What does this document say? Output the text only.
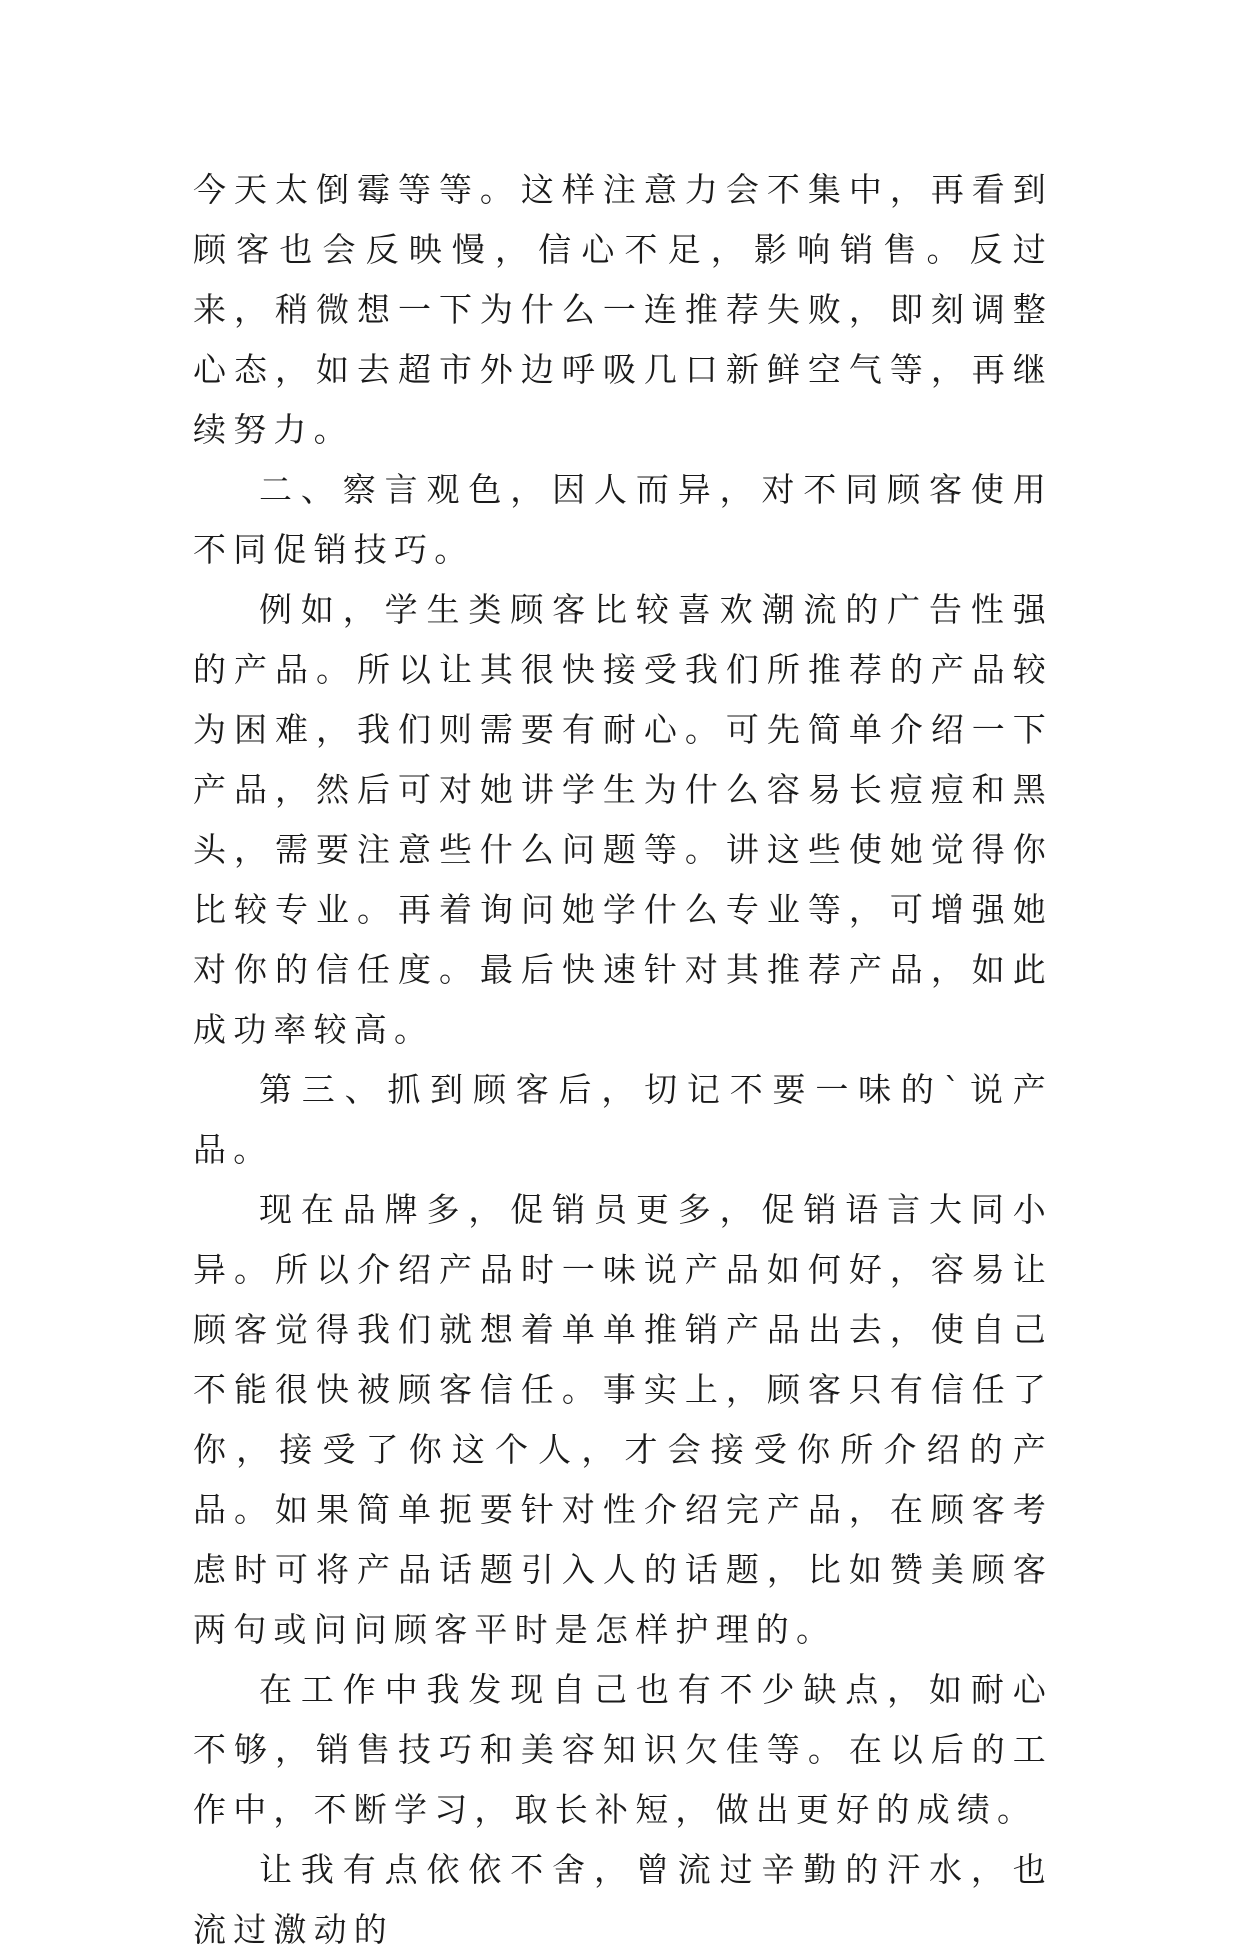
今天太倒霉等等。这样注意力会不集中，再看到顾客也会反映慢，信心不足，影响销售。反过来，稍微想一下为什么一连推荐失败，即刻调整心态，如去超市外边呼吸几口新鲜空气等，再继续努力。

二、察言观色，因人而异，对不同顾客使用不同促销技巧。

例如，学生类顾客比较喜欢潮流的广告性强的产品。所以让其很快接受我们所推荐的产品较为困难，我们则需要有耐心。可先简单介绍一下产品，然后可对她讲学生为什么容易长痘痘和黑头，需要注意些什么问题等。讲这些使她觉得你比较专业。再着询问她学什么专业等，可增强她对你的信任度。最后快速针对其推荐产品，如此成功率较高。

第三、抓到顾客后，切记不要一味的`说产品。

现在品牌多，促销员更多，促销语言大同小异。所以介绍产品时一味说产品如何好，容易让顾客觉得我们就想着单单推销产品出去，使自己不能很快被顾客信任。事实上，顾客只有信任了你，接受了你这个人，才会接受你所介绍的产品。如果简单扼要针对性介绍完产品，在顾客考虑时可将产品话题引入人的话题，比如赞美顾客两句或问问顾客平时是怎样护理的。

在工作中我发现自己也有不少缺点，如耐心不够，销售技巧和美容知识欠佳等。在以后的工作中，不断学习，取长补短，做出更好的成绩。

让我有点依依不舍，曾流过辛勤的汗水，也流过激动的
